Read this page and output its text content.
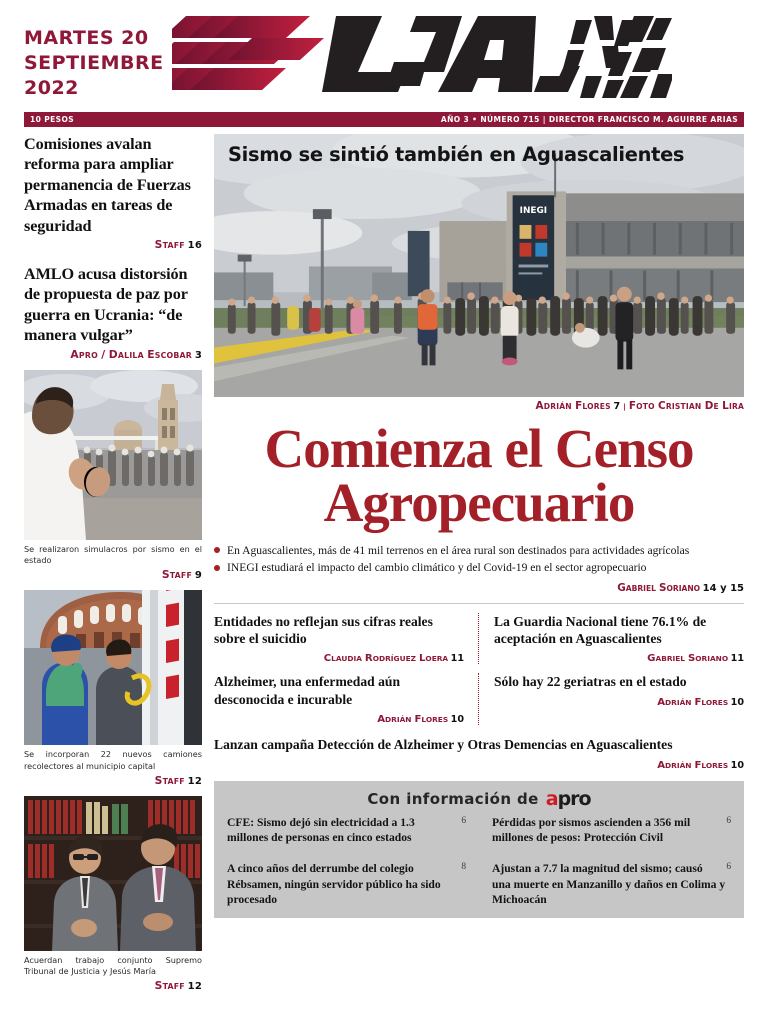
MARTES 20
SEPTIEMBRE
2022
10 PESOS	AÑO 3 • NÚMERO 715 | DIRECTOR FRANCISCO M. AGUIRRE ARIAS
Comisiones avalan reforma para ampliar permanencia de Fuerzas Armadas en tareas de seguridad
STAFF 16
AMLO acusa distorsión de propuesta de paz por guerra en Ucrania: “de manera vulgar”
APRO / DALILA ESCOBAR 3
Se realizaron simulacros por sismo en el estado
STAFF 9
Se incorporan 22 nuevos camiones recolectores al municipio capital
STAFF 12
Acuerdan trabajo conjunto Supremo Tribunal de Justicia y Jesús María
STAFF 12
INEGI
Sismo se sintió también en Aguascalientes
ADRIÁN FLORES 7 | FOTO CRISTIAN DE LIRA
Comienza el Censo
Agropecuario
En Aguascalientes, más de 41 mil terrenos en el área rural son destinados para actividades agrícolas
INEGI estudiará el impacto del cambio climático y del Covid-19 en el sector agropecuario
GABRIEL SORIANO 14 y 15
Entidades no reflejan sus cifras reales sobre el suicidio
CLAUDIA RODRÍGUEZ LOERA 11
La Guardia Nacional tiene 76.1% de aceptación en Aguascalientes
GABRIEL SORIANO 11
Alzheimer, una enfermedad aún desconocida e incurable
ADRIÁN FLORES 10
Sólo hay 22 geriatras en el estado
ADRIÁN FLORES 10
Lanzan campaña Detección de Alzheimer y Otras Demencias en Aguascalientes
ADRIÁN FLORES 10
Con información de a pro
6
CFE: Sismo dejó sin electricidad a 1.3 millones de personas en cinco estados
8
A cinco años del derrumbe del colegio Rébsamen, ningún servidor público ha sido procesado
6
Pérdidas por sismos ascienden a 356 mil millones de pesos: Protección Civil
6
Ajustan a 7.7 la magnitud del sismo; causó una muerte en Manzanillo y daños en Colima y Michoacán
